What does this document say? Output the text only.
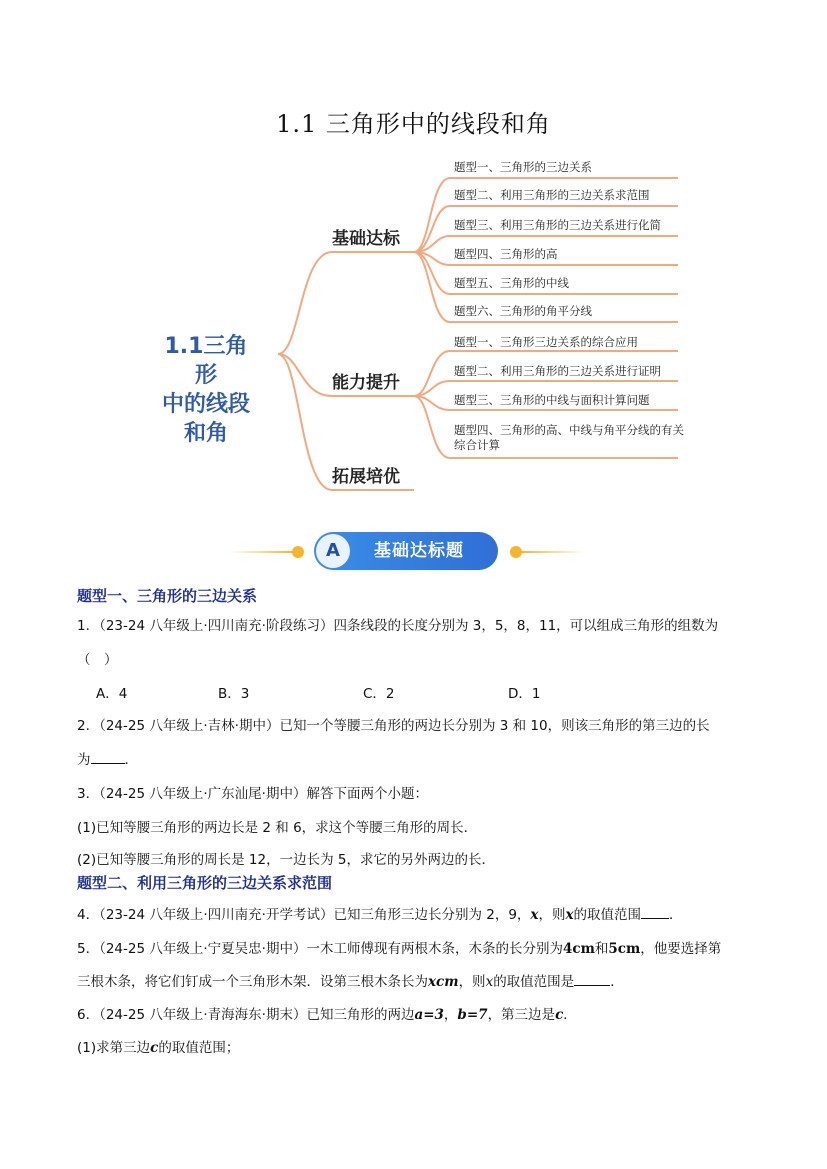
1.1 三角形中的线段和角
1.1三角形
中的线段
和角
基础达标
能力提升
拓展培优
题型一、三角形的三边关系
题型二、利用三角形的三边关系求范围
题型三、利用三角形的三边关系进行化简
题型四、三角形的高
题型五、三角形的中线
题型六、三角形的角平分线
题型一、三角形三边关系的综合应用
题型二、利用三角形的三边关系进行证明
题型三、三角形的中线与面积计算问题
题型四、三角形的高、中线与角平分线的有关综合计算
A	基础达标题
题型一、三角形的三边关系
1．（23-24 八年级上·四川南充·阶段练习）四条线段的长度分别为 3，5，8，11，可以组成三角形的组数为
（　）
A．4	B．3	C．2	D．1
2．（24-25 八年级上·吉林·期中）已知一个等腰三角形的两边长分别为 3 和 10，则该三角形的第三边的长
为	．
3．（24-25 八年级上·广东汕尾·期中）解答下面两个小题：
(1)已知等腰三角形的两边长是 2 和 6，求这个等腰三角形的周长．
(2)已知等腰三角形的周长是 12，一边长为 5，求它的另外两边的长．
题型二、利用三角形的三边关系求范围
4．（23-24 八年级上·四川南充·开学考试）已知三角形三边长分别为 2，9，x，则x的取值范围 ．
5．（24-25 八年级上·宁夏吴忠·期中）一木工师傅现有两根木条，木条的长分别为4cm和5cm，他要选择第
三根木条，将它们钉成一个三角形木架．设第三根木条长为xcm，则x的取值范围是	．
6．（24-25 八年级上·青海海东·期末）已知三角形的两边a=3，b=7，第三边是c．
(1)求第三边c的取值范围；
